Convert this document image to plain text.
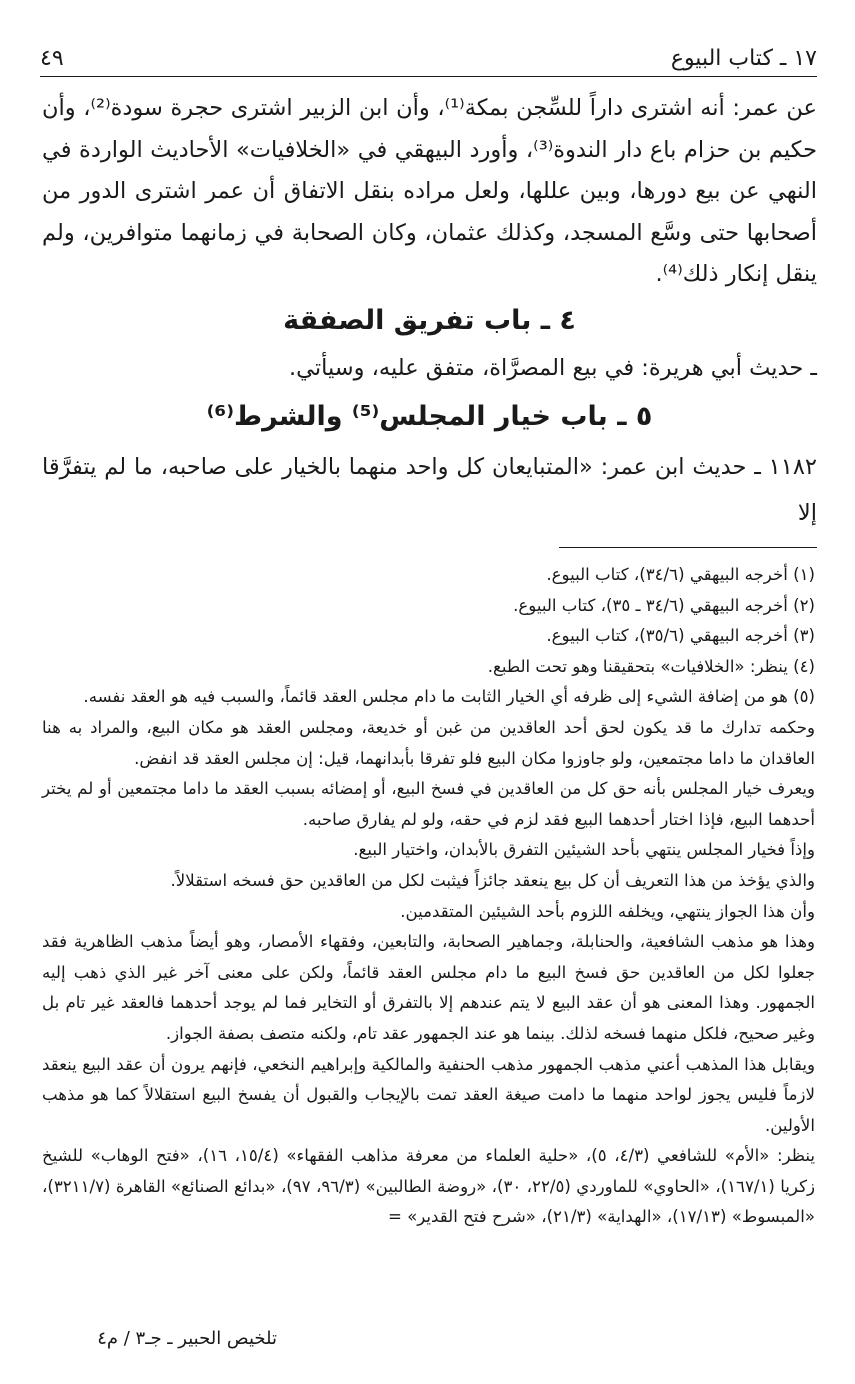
١٧ ـ كتاب البيوع
٤٩

عن عمر: أنه اشترى داراً للسِّجن بمكة⁽¹⁾، وأن ابن الزبير اشترى حجرة سودة⁽²⁾، وأن حكيم بن حزام باع دار الندوة⁽³⁾، وأورد البيهقي في «الخلافيات» الأحاديث الواردة في النهي عن بيع دورها، وبين عللها، ولعل مراده بنقل الاتفاق أن عمر اشترى الدور من أصحابها حتى وسَّع المسجد، وكذلك عثمان، وكان الصحابة في زمانهما متوافرين، ولم ينقل إنكار ذلك⁽⁴⁾.

٤ ـ باب تفريق الصفقة

ـ حديث أبي هريرة: في بيع المصرَّاة، متفق عليه، وسيأتي.

٥ ـ باب خيار المجلس⁽⁵⁾ والشرط⁽⁶⁾

١١٨٢ ـ حديث ابن عمر: «المتبايعان كل واحد منهما بالخيار على صاحبه، ما لم يتفرَّقا إلا

(١) أخرجه البيهقي (٣٤/٦)، كتاب البيوع.

(٢) أخرجه البيهقي (٣٤/٦ ـ ٣٥)، كتاب البيوع.

(٣) أخرجه البيهقي (٣٥/٦)، كتاب البيوع.

(٤) ينظر: «الخلافيات» بتحقيقنا وهو تحت الطبع.

(٥) هو من إضافة الشيء إلى ظرفه أي الخيار الثابت ما دام مجلس العقد قائماً، والسبب فيه هو العقد نفسه.

وحكمه تدارك ما قد يكون لحق أحد العاقدين من غبن أو خديعة، ومجلس العقد هو مكان البيع، والمراد به هنا العاقدان ما داما مجتمعين، ولو جاوزوا مكان البيع فلو تفرقا بأبدانهما، قيل: إن مجلس العقد قد انفض.

ويعرف خيار المجلس بأنه حق كل من العاقدين في فسخ البيع، أو إمضائه بسبب العقد ما داما مجتمعين أو لم يختر أحدهما البيع، فإذا اختار أحدهما البيع فقد لزم في حقه، ولو لم يفارق صاحبه.

وإذاً فخيار المجلس ينتهي بأحد الشيئين التفرق بالأبدان، واختيار البيع.

والذي يؤخذ من هذا التعريف أن كل بيع ينعقد جائزاً فيثبت لكل من العاقدين حق فسخه استقلالاً.

وأن هذا الجواز ينتهي، ويخلفه اللزوم بأحد الشيئين المتقدمين.

وهذا هو مذهب الشافعية، والحنابلة، وجماهير الصحابة، والتابعين، وفقهاء الأمصار، وهو أيضاً مذهب الظاهرية فقد جعلوا لكل من العاقدين حق فسخ البيع ما دام مجلس العقد قائماً، ولكن على معنى آخر غير الذي ذهب إليه الجمهور. وهذا المعنى هو أن عقد البيع لا يتم عندهم إلا بالتفرق أو التخاير فما لم يوجد أحدهما فالعقد غير تام بل وغير صحيح، فلكل منهما فسخه لذلك. بينما هو عند الجمهور عقد تام، ولكنه متصف بصفة الجواز.

ويقابل هذا المذهب أعني مذهب الجمهور مذهب الحنفية والمالكية وإبراهيم النخعي، فإنهم يرون أن عقد البيع ينعقد لازماً فليس يجوز لواحد منهما ما دامت صيغة العقد تمت بالإيجاب والقبول أن يفسخ البيع استقلالاً كما هو مذهب الأولين.

ينظر: «الأم» للشافعي (٤/٣، ٥)، «حلية العلماء من معرفة مذاهب الفقهاء» (١٥/٤، ١٦)، «فتح الوهاب» للشيخ زكريا (١٦٧/١)، «الحاوي» للماوردي (٢٢/٥، ٣٠)، «روضة الطالبين» (٩٦/٣، ٩٧)، «بدائع الصنائع» القاهرة (٣٢١١/٧)، «المبسوط» (١٧/١٣)، «الهداية» (٢١/٣)، «شرح فتح القدير» =

تلخيص الحبير ـ جـ٣ / م٤
